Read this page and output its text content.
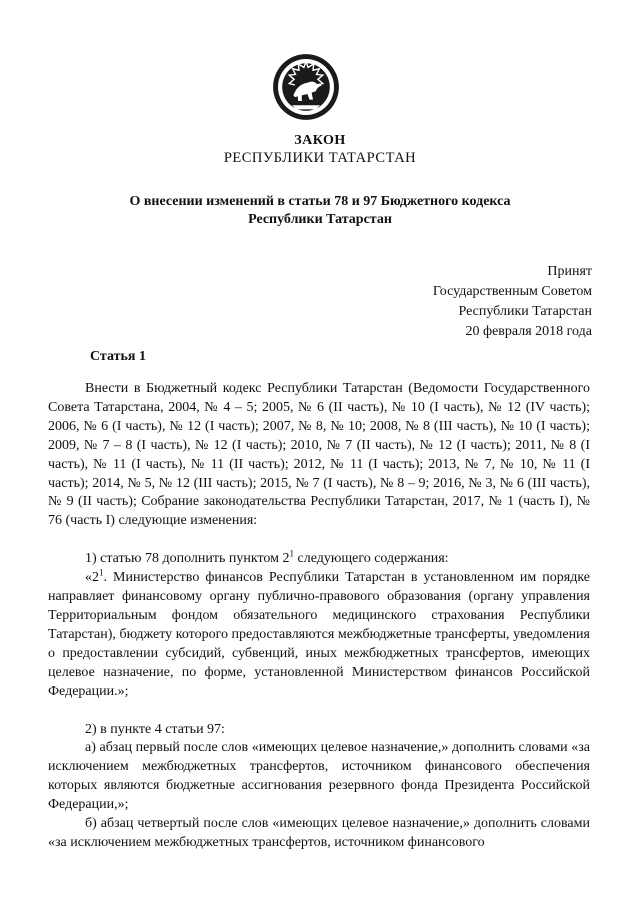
ЗАКОН
РЕСПУБЛИКИ ТАТАРСТАН
О внесении изменений в статьи 78 и 97 Бюджетного кодекса
Республики Татарстан
Принят
Государственным Советом
Республики Татарстан
20 февраля 2018 года
Статья 1

Внести в Бюджетный кодекс Республики Татарстан (Ведомости Государственного Совета Татарстана, 2004, № 4 – 5; 2005, № 6 (II часть), № 10 (I часть), № 12 (IV часть); 2006, № 6 (I часть), № 12 (I часть); 2007, № 8, № 10; 2008, № 8 (III часть), № 10 (I часть); 2009, № 7 – 8 (I часть), № 12 (I часть); 2010, № 7 (II часть), № 12 (I часть); 2011, № 8 (I часть), № 11 (I часть), № 11 (II часть); 2012, № 11 (I часть); 2013, № 7, № 10, № 11 (I часть); 2014, № 5, № 12 (III часть); 2015, № 7 (I часть), № 8 – 9; 2016, № 3, № 6 (III часть), № 9 (II часть); Собрание законодательства Республики Татарстан, 2017, № 1 (часть I), № 76 (часть I) следующие изменения:

1) статью 78 дополнить пунктом $2^1$ следующего содержания:

«$2^1$. Министерство финансов Республики Татарстан в установленном им порядке направляет финансовому органу публично-правового образования (органу управления Территориальным фондом обязательного медицинского страхования Республики Татарстан), бюджету которого предоставляются межбюджетные трансферты, уведомления о предоставлении субсидий, субвенций, иных межбюджетных трансфертов, имеющих целевое назначение, по форме, установленной Министерством финансов Российской Федерации.»;

2) в пункте 4 статьи 97:

а) абзац первый после слов «имеющих целевое назначение,» дополнить словами «за исключением межбюджетных трансфертов, источником финансового обеспечения которых являются бюджетные ассигнования резервного фонда Президента Российской Федерации,»;

б) абзац четвертый после слов «имеющих целевое назначение,» дополнить словами «за исключением межбюджетных трансфертов, источником финансового
